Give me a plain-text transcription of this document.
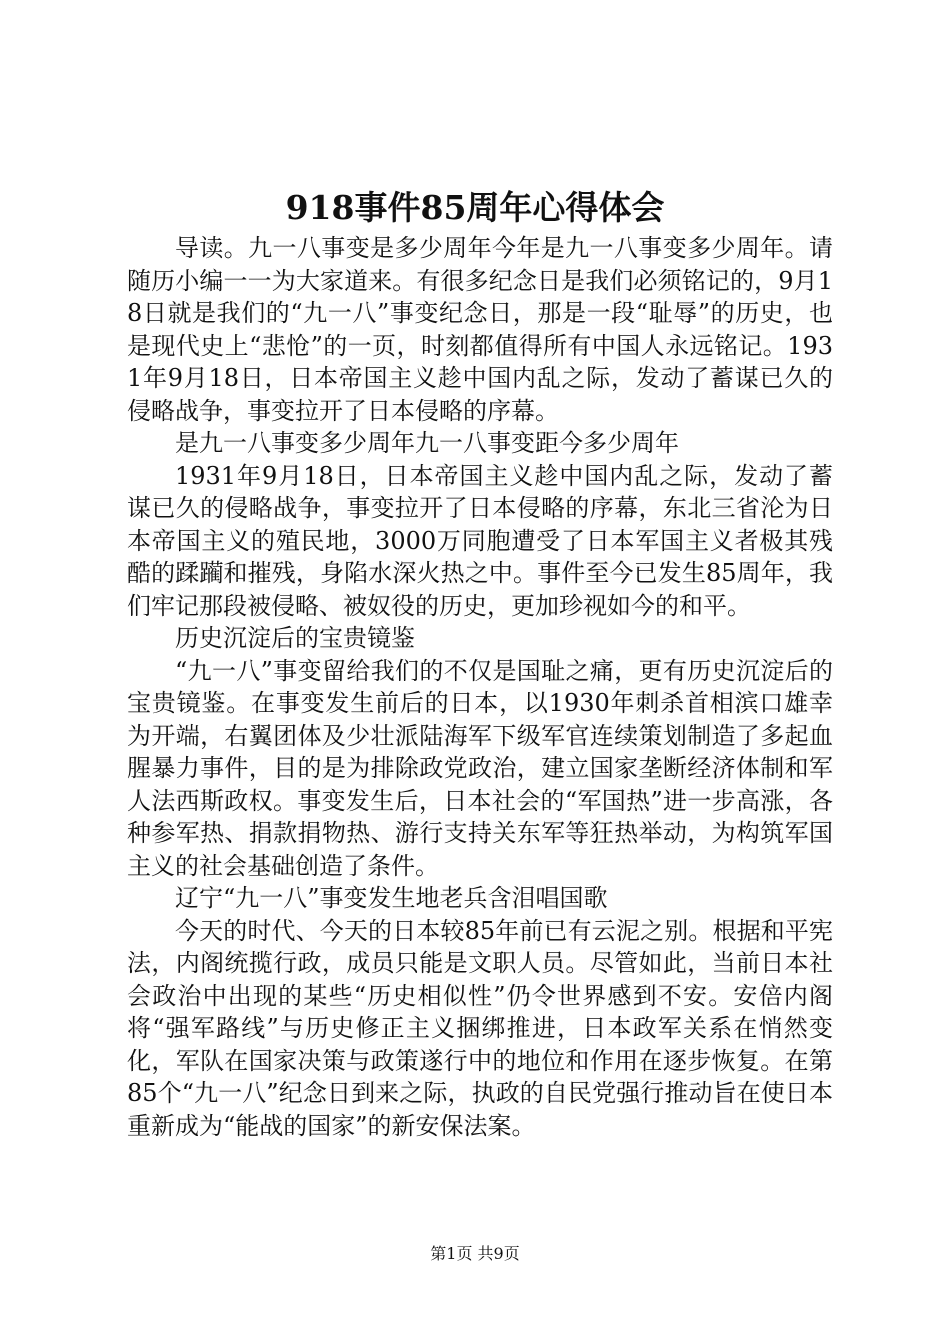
918事件85周年心得体会

导读。九一八事变是多少周年今年是九一八事变多少周年。请随历小编一一为大家道来。有很多纪念日是我们必须铭记的，9月18日就是我们的“九一八”事变纪念日，那是一段“耻辱”的历史，也是现代史上“悲怆”的一页，时刻都值得所有中国人永远铭记。1931年9月18日，日本帝国主义趁中国内乱之际，发动了蓄谋已久的侵略战争，事变拉开了日本侵略的序幕。

是九一八事变多少周年九一八事变距今多少周年

1931年9月18日，日本帝国主义趁中国内乱之际，发动了蓄谋已久的侵略战争，事变拉开了日本侵略的序幕，东北三省沦为日本帝国主义的殖民地，3000万同胞遭受了日本军国主义者极其残酷的蹂躏和摧残，身陷水深火热之中。事件至今已发生85周年，我们牢记那段被侵略、被奴役的历史，更加珍视如今的和平。

历史沉淀后的宝贵镜鉴

“九一八”事变留给我们的不仅是国耻之痛，更有历史沉淀后的宝贵镜鉴。在事变发生前后的日本，以1930年刺杀首相滨口雄幸为开端，右翼团体及少壮派陆海军下级军官连续策划制造了多起血腥暴力事件，目的是为排除政党政治，建立国家垄断经济体制和军人法西斯政权。事变发生后，日本社会的“军国热”进一步高涨，各种参军热、捐款捐物热、游行支持关东军等狂热举动，为构筑军国主义的社会基础创造了条件。

辽宁“九一八”事变发生地老兵含泪唱国歌

今天的时代、今天的日本较85年前已有云泥之别。根据和平宪法，内阁统揽行政，成员只能是文职人员。尽管如此，当前日本社会政治中出现的某些“历史相似性”仍令世界感到不安。安倍内阁将“强军路线”与历史修正主义捆绑推进，日本政军关系在悄然变化，军队在国家决策与政策遂行中的地位和作用在逐步恢复。在第85个“九一八”纪念日到来之际，执政的自民党强行推动旨在使日本重新成为“能战的国家”的新安保法案。

第1页 共9页
